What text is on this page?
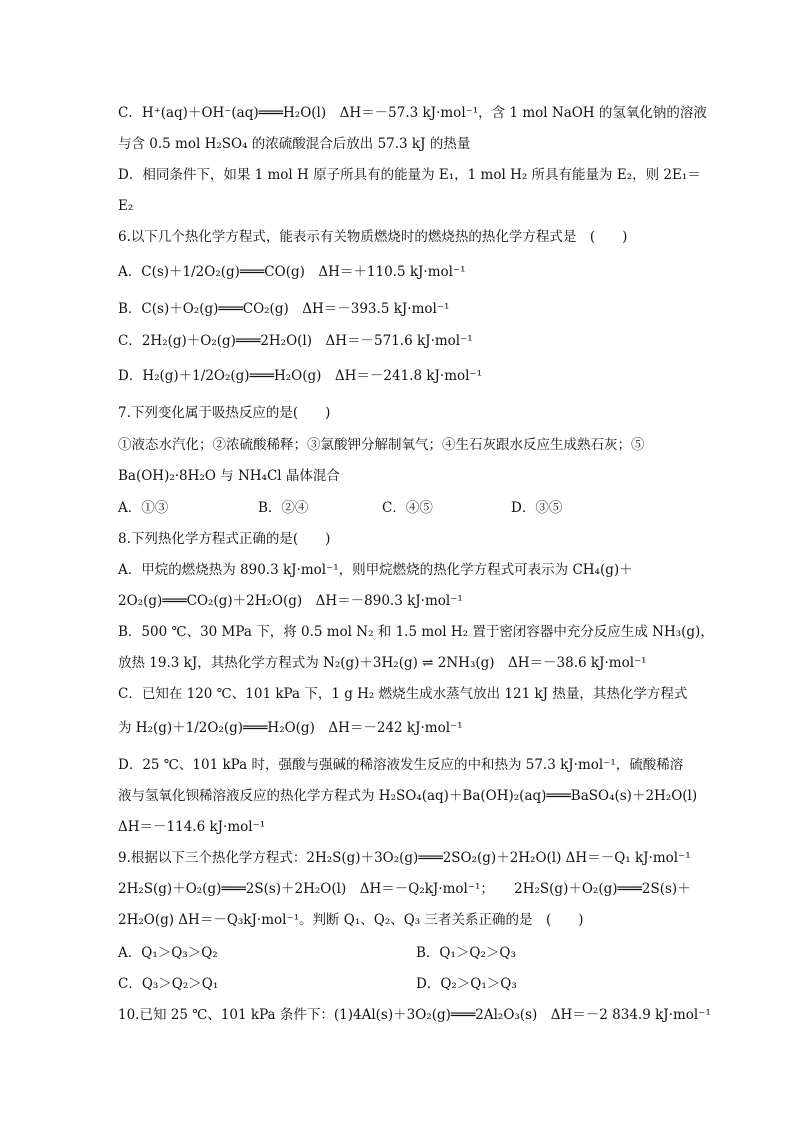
C．H⁺(aq)＋OH⁻(aq)═══H₂O(l)　ΔH＝－57.3 kJ·mol⁻¹，含 1 mol NaOH 的氢氧化钠的溶液
与含 0.5 mol H₂SO₄ 的浓硫酸混合后放出 57.3 kJ 的热量
D．相同条件下，如果 1 mol H 原子所具有的能量为 E₁，1 mol H₂ 所具有能量为 E₂，则 2E₁＝
E₂
6.以下几个热化学方程式，能表示有关物质燃烧时的燃烧热的热化学方程式是　(　　)
A．C(s)＋1/2O₂(g)═══CO(g)　ΔH＝＋110.5 kJ·mol⁻¹
B．C(s)＋O₂(g)═══CO₂(g)　ΔH＝－393.5 kJ·mol⁻¹
C．2H₂(g)＋O₂(g)═══2H₂O(l)　ΔH＝－571.6 kJ·mol⁻¹
D．H₂(g)＋1/2O₂(g)═══H₂O(g)　ΔH＝－241.8 kJ·mol⁻¹
7.下列变化属于吸热反应的是(　　)
①液态水汽化；②浓硫酸稀释；③氯酸钾分解制氧气；④生石灰跟水反应生成熟石灰；⑤
Ba(OH)₂·8H₂O 与 NH₄Cl 晶体混合
A．①③	B．②④	C．④⑤	D．③⑤
8.下列热化学方程式正确的是(　　)
A．甲烷的燃烧热为 890.3 kJ·mol⁻¹，则甲烷燃烧的热化学方程式可表示为 CH₄(g)＋
2O₂(g)═══CO₂(g)＋2H₂O(g)　ΔH＝－890.3 kJ·mol⁻¹
B．500 ℃、30 MPa 下，将 0.5 mol N₂ 和 1.5 mol H₂ 置于密闭容器中充分反应生成 NH₃(g)，
放热 19.3 kJ，其热化学方程式为 N₂(g)＋3H₂(g) ⇌ 2NH₃(g)　ΔH＝－38.6 kJ·mol⁻¹
C．已知在 120 ℃、101 kPa 下，1 g H₂ 燃烧生成水蒸气放出 121 kJ 热量，其热化学方程式
为 H₂(g)＋1/2O₂(g)═══H₂O(g)　ΔH＝－242 kJ·mol⁻¹
D．25 ℃、101 kPa 时，强酸与强碱的稀溶液发生反应的中和热为 57.3 kJ·mol⁻¹，硫酸稀溶
液与氢氧化钡稀溶液反应的热化学方程式为 H₂SO₄(aq)＋Ba(OH)₂(aq)═══BaSO₄(s)＋2H₂O(l)
ΔH＝－114.6 kJ·mol⁻¹
9.根据以下三个热化学方程式：2H₂S(g)＋3O₂(g)═══2SO₂(g)＋2H₂O(l) ΔH＝－Q₁ kJ·mol⁻¹
2H₂S(g)＋O₂(g)═══2S(s)＋2H₂O(l)　ΔH＝－Q₂kJ·mol⁻¹；　　2H₂S(g)＋O₂(g)═══2S(s)＋
2H₂O(g) ΔH＝－Q₃kJ·mol⁻¹。判断 Q₁、Q₂、Q₃ 三者关系正确的是　(　　)
A．Q₁＞Q₃＞Q₂	B．Q₁＞Q₂＞Q₃
C．Q₃＞Q₂＞Q₁	D．Q₂＞Q₁＞Q₃
10.已知 25 ℃、101 kPa 条件下：(1)4Al(s)＋3O₂(g)═══2Al₂O₃(s)　ΔH＝－2 834.9 kJ·mol⁻¹
